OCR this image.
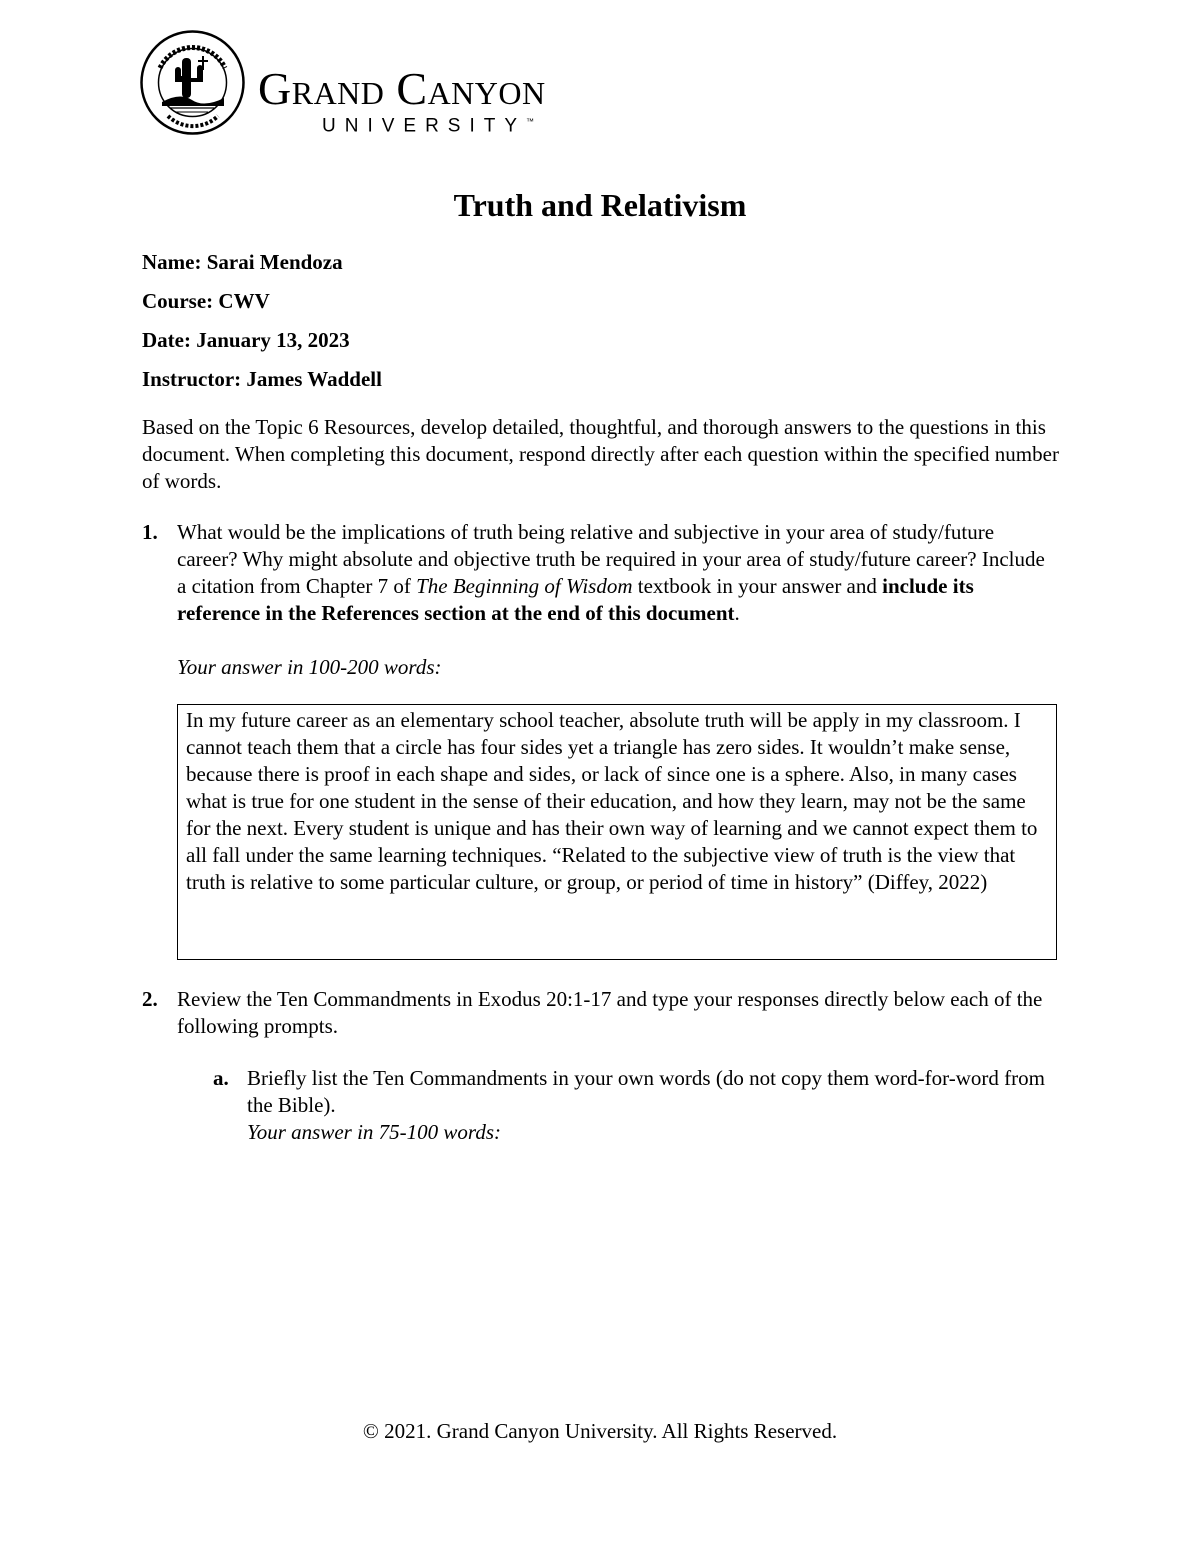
Grand Canyon
UNIVERSITY™
Truth and Relativism
Name: Sarai Mendoza
Course: CWV
Date: January 13, 2023
Instructor: James Waddell
Based on the Topic 6 Resources, develop detailed, thoughtful, and thorough answers to the questions in this document. When completing this document, respond directly after each question within the specified number of words.
1. What would be the implications of truth being relative and subjective in your area of study/future career? Why might absolute and objective truth be required in your area of study/future career? Include a citation from Chapter 7 of The Beginning of Wisdom textbook in your answer and include its reference in the References section at the end of this document.
Your answer in 100-200 words:
In my future career as an elementary school teacher, absolute truth will be apply in my classroom. I cannot teach them that a circle has four sides yet a triangle has zero sides. It wouldn’t make sense, because there is proof in each shape and sides, or lack of since one is a sphere. Also, in many cases what is true for one student in the sense of their education, and how they learn, may not be the same for the next. Every student is unique and has their own way of learning and we cannot expect them to all fall under the same learning techniques. “Related to the subjective view of truth is the view that truth is relative to some particular culture, or group, or period of time in history” (Diffey, 2022)
2. Review the Ten Commandments in Exodus 20:1-17 and type your responses directly below each of the following prompts.
a. Briefly list the Ten Commandments in your own words (do not copy them word-for-word from the Bible).
Your answer in 75-100 words:
© 2021. Grand Canyon University. All Rights Reserved.
